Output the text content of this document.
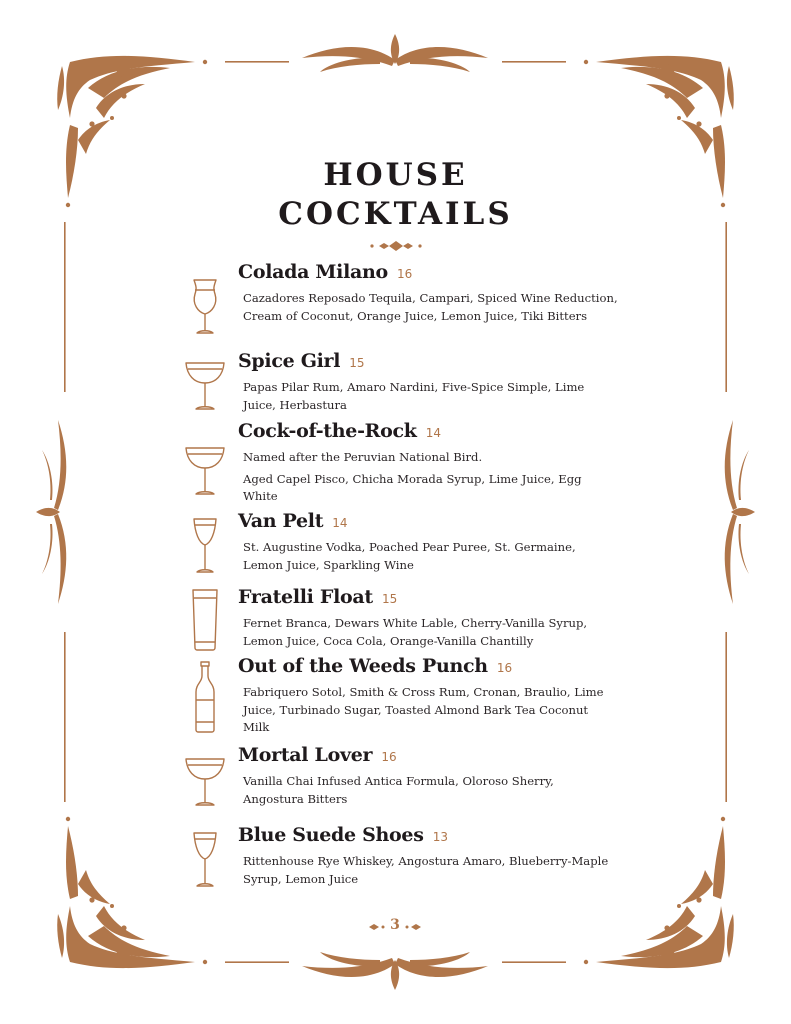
HOUSE
COCKTAILS
Colada Milano 16
Cazadores Reposado Tequila, Campari, Spiced Wine Reduction, Cream of Coconut, Orange Juice, Lemon Juice, Tiki Bitters
Spice Girl 15
Papas Pilar Rum, Amaro Nardini, Five-Spice Simple, Lime Juice, Herbastura
Cock-of-the-Rock 14
Named after the Peruvian National Bird.
Aged Capel Pisco, Chicha Morada Syrup, Lime Juice, Egg White
Van Pelt 14
St. Augustine Vodka, Poached Pear Puree, St. Germaine, Lemon Juice, Sparkling Wine
Fratelli Float 15
Fernet Branca, Dewars White Lable, Cherry-Vanilla Syrup, Lemon Juice, Coca Cola, Orange-Vanilla Chantilly
Out of the Weeds Punch 16
Fabriquero Sotol, Smith & Cross Rum, Cronan, Braulio, Lime Juice, Turbinado Sugar, Toasted Almond Bark Tea Coconut Milk
Mortal Lover 16
Vanilla Chai Infused Antica Formula, Oloroso Sherry, Angostura Bitters
Blue Suede Shoes 13
Rittenhouse Rye Whiskey, Angostura Amaro, Blueberry-Maple Syrup, Lemon Juice
3
